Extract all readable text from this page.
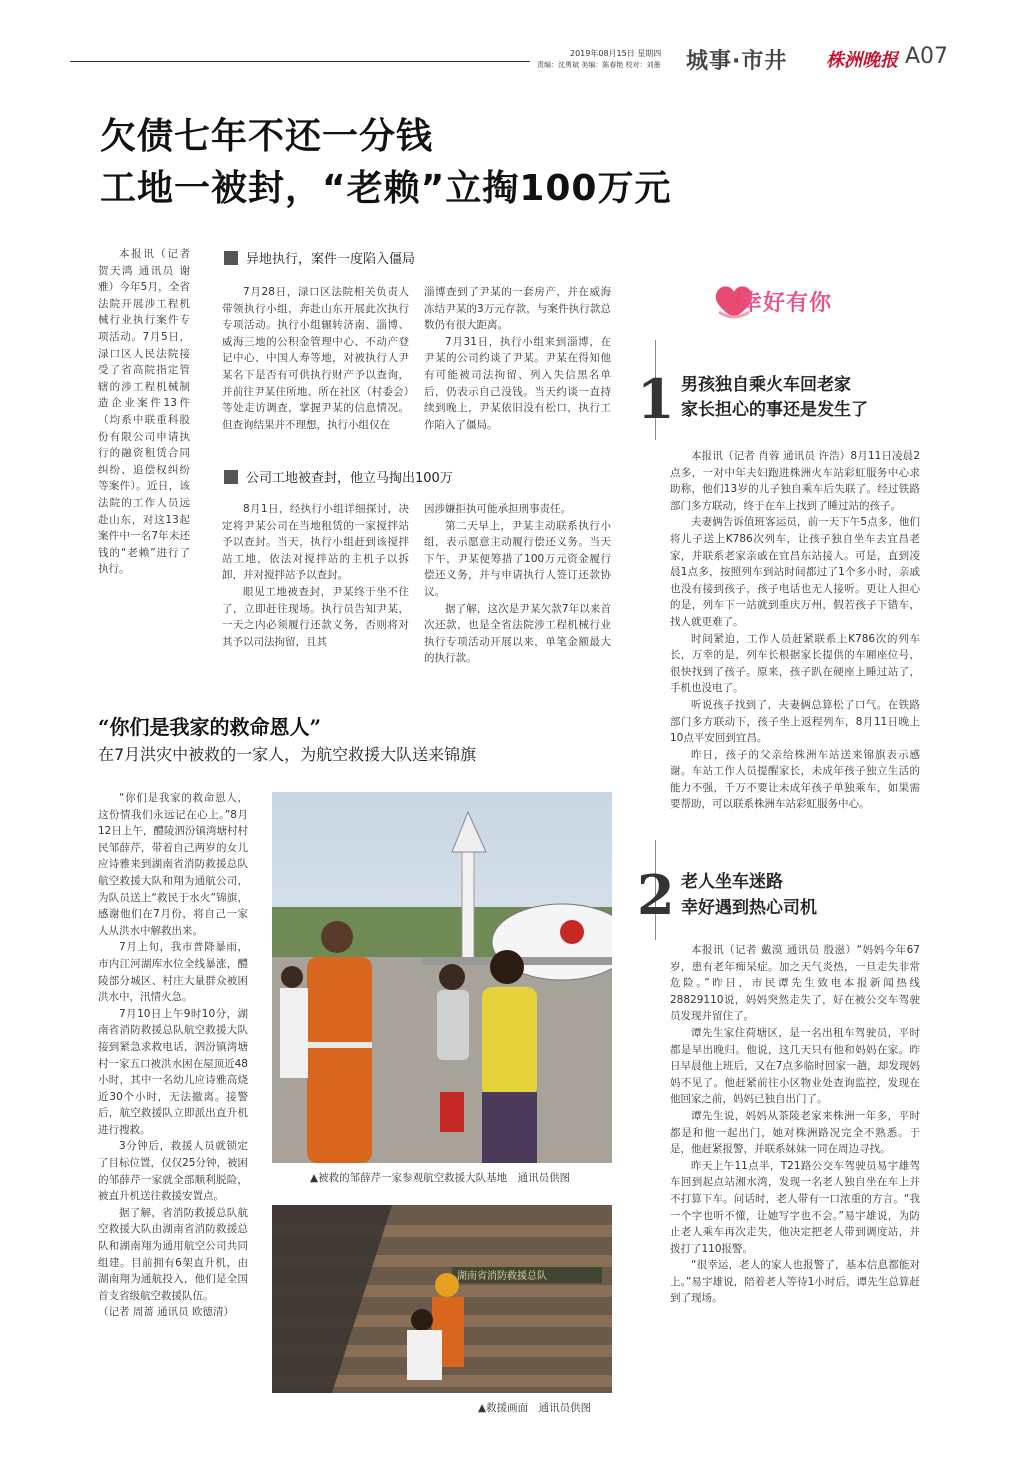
2019年08月15日 星期四
责编：沈勇斌 美编：陈春艳 校对：刘墨 城事·市井 株洲晚报 A07
欠债七年不还一分钱
工地一被封，“老赖”立掏100万元

本报讯（记者 贺天鸿 通讯员 谢雅）今年5月，全省法院开展涉工程机械行业执行案件专项活动。7月5日，渌口区人民法院接受了省高院指定管辖的涉工程机械制造企业案件13件（均系中联重科股份有限公司申请执行的融资租赁合同纠纷、追偿权纠纷等案件）。近日，该法院的工作人员远赴山东，对这13起案件中一名7年未还钱的“老赖”进行了执行。

异地执行，案件一度陷入僵局

7月28日，渌口区法院相关负责人带领执行小组，奔赴山东开展此次执行专项活动。执行小组辗转济南、淄博、威海三地的公积金管理中心、不动产登记中心、中国人寿等地，对被执行人尹某名下是否有可供执行财产予以查询，并前往尹某住所地、所在社区（村委会）等处走访调查，掌握尹某的信息情况。但查询结果并不理想，执行小组仅在

淄博查到了尹某的一套房产，并在威海冻结尹某的3万元存款，与案件执行款总数仍有很大距离。

7月31日，执行小组来到淄博，在尹某的公司约谈了尹某。尹某在得知他有可能被司法拘留、列入失信黑名单后，仍表示自己没钱。当天约谈一直持续到晚上，尹某依旧没有松口，执行工作陷入了僵局。

公司工地被查封，他立马掏出100万

8月1日，经执行小组详细探讨，决定将尹某公司在当地租赁的一家搅拌站予以查封。当天，执行小组赶到该搅拌站工地，依法对搅拌站的主机子以拆卸，并对搅拌站予以查封。

眼见工地被查封，尹某终于坐不住了，立即赶往现场。执行员告知尹某，一天之内必须履行还款义务，否则将对其予以司法拘留，且其

因涉嫌拒执可能承担刑事责任。

第二天早上，尹某主动联系执行小组，表示愿意主动履行偿还义务。当天下午，尹某便筹措了100万元资金履行偿还义务，并与申请执行人签订还款协议。

据了解，这次是尹某欠款7年以来首次还款，也是全省法院涉工程机械行业执行专项活动开展以来，单笔金额最大的执行款。

“你们是我家的救命恩人”
在7月洪灾中被救的一家人，为航空救援大队送来锦旗

“你们是我家的救命恩人，这份情我们永远记在心上。”8月12日上午，醴陵泗汾镇湾塘村村民邹薛芹，带着自己两岁的女儿应诗雅来到湖南省消防救援总队航空救援大队和翔为通航公司，为队员送上“救民于水火”锦旗，感谢他们在7月份，将自己一家人从洪水中解救出来。

7月上旬，我市普降暴雨，市内江河湖库水位全线暴涨，醴陵部分城区、村庄大量群众被困洪水中，汛情火急。

7月10日上午9时10分，湖南省消防救援总队航空救援大队接到紧急求救电话，泗汾镇湾塘村一家五口被洪水困在屋顶近48小时，其中一名幼儿应诗雅高烧近30个小时，无法撤离。接警后，航空救援队立即派出直升机进行搜救。

3分钟后，救援人员就锁定了目标位置，仅仅25分钟，被困的邹薛芹一家就全部顺利脱险，被直升机送往救援安置点。

据了解，省消防救援总队航空救援大队由湖南省消防救援总队和湖南翔为通用航空公司共同组建。目前拥有6架直升机，由湖南翔为通航投入，他们是全国首支省级航空救援队伍。

（记者 周蔷 通讯员 欧德清）

▲被救的邹薛芹一家参观航空救援大队基地　通讯员供图
湖南省消防救援总队
▲救援画面　通讯员供图
幸好有你
1 男孩独自乘火车回老家
家长担心的事还是发生了

本报讯（记者 肖蓉 通讯员 许浩）8月11日凌晨2点多，一对中年夫妇跑进株洲火车站彩虹服务中心求助称，他们13岁的儿子独自乘车后失联了。经过铁路部门多方联动，终于在车上找到了睡过站的孩子。

夫妻俩告诉值班客运员，前一天下午5点多，他们将儿子送上K786次列车，让孩子独自坐车去宜昌老家，并联系老家亲戚在宜昌东站接人。可是，直到凌晨1点多，按照列车到站时间都过了1个多小时，亲戚也没有接到孩子，孩子电话也无人接听。更让人担心的是，列车下一站就到重庆万州，假若孩子下错车，找人就更难了。

时间紧迫，工作人员赶紧联系上K786次的列车长，万幸的是，列车长根据家长提供的车厢座位号，很快找到了孩子。原来，孩子趴在硬座上睡过站了，手机也没电了。

听说孩子找到了，夫妻俩总算松了口气。在铁路部门多方联动下，孩子坐上返程列车，8月11日晚上10点平安回到宜昌。

昨日，孩子的父亲给株洲车站送来锦旗表示感谢。车站工作人员提醒家长，未成年孩子独立生活的能力不强，千万不要让未成年孩子单独乘车，如果需要帮助，可以联系株洲车站彩虹服务中心。

2 老人坐车迷路
幸好遇到热心司机

本报讯（记者 戴漠 通讯员 殷滋）“妈妈今年67岁，患有老年痴呆症。加之天气炎热，一旦走失非常危险。”昨日，市民谭先生致电本报新闻热线28829110说，妈妈突然走失了，好在被公交车驾驶员发现并留住了。

谭先生家住荷塘区，是一名出租车驾驶员，平时都是早出晚归。他说，这几天只有他和妈妈在家。昨日早晨他上班后，又在7点多临时回家一趟，却发现妈妈不见了。他赶紧前往小区物业处查询监控，发现在他回家之前，妈妈已独自出门了。

谭先生说，妈妈从茶陵老家来株洲一年多，平时都是和他一起出门，她对株洲路况完全不熟悉。于是，他赶紧报警，并联系妹妹一同在周边寻找。

昨天上午11点半，T21路公交车驾驶员易宇雄驾车回到起点站湘水湾，发现一名老人独自坐在车上并不打算下车。问话时，老人带有一口浓重的方言。“我一个字也听不懂，让她写字也不会。”易宇雄说，为防止老人乘车再次走失，他决定把老人带到调度站，并拨打了110报警。

“很幸运，老人的家人也报警了，基本信息都能对上。”易宇雄说，陪着老人等待1小时后，谭先生总算赶到了现场。
